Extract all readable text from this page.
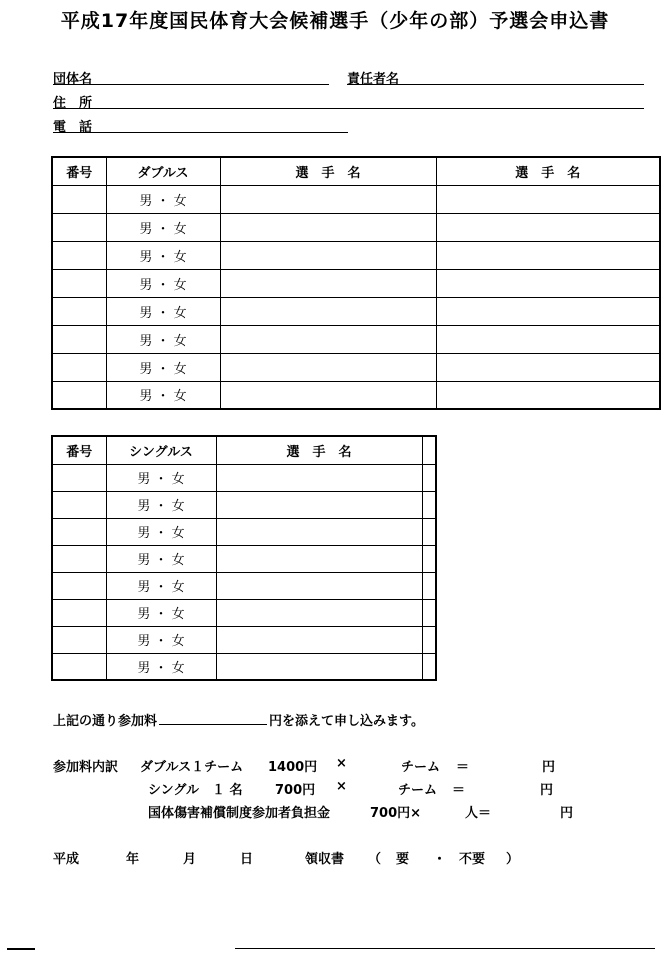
平成17年度国民体育大会候補選手（少年の部）予選会申込書
団体名	責任者名
住　所
電　話
番号	ダブルス	選　手　名	選　手　名
	男 ・ 女		
	男 ・ 女		
	男 ・ 女		
	男 ・ 女		
	男 ・ 女		
	男 ・ 女		
	男 ・ 女		
	男 ・ 女		
番号	シングルス	選　手　名	
	男 ・ 女		
	男 ・ 女		
	男 ・ 女		
	男 ・ 女		
	男 ・ 女		
	男 ・ 女		
	男 ・ 女		
	男 ・ 女		
上記の通り参加料	円を添えて申し込みます。
参加料内訳 ダブルス１チーム 1400円 ×	チーム ＝	円
シングル １ 名 700円 ×	チーム ＝	円
国体傷害補償制度参加者負担金	700円×	人＝	円
平成	年	月	日	領収書 （ 要 ・ 不要 ）
